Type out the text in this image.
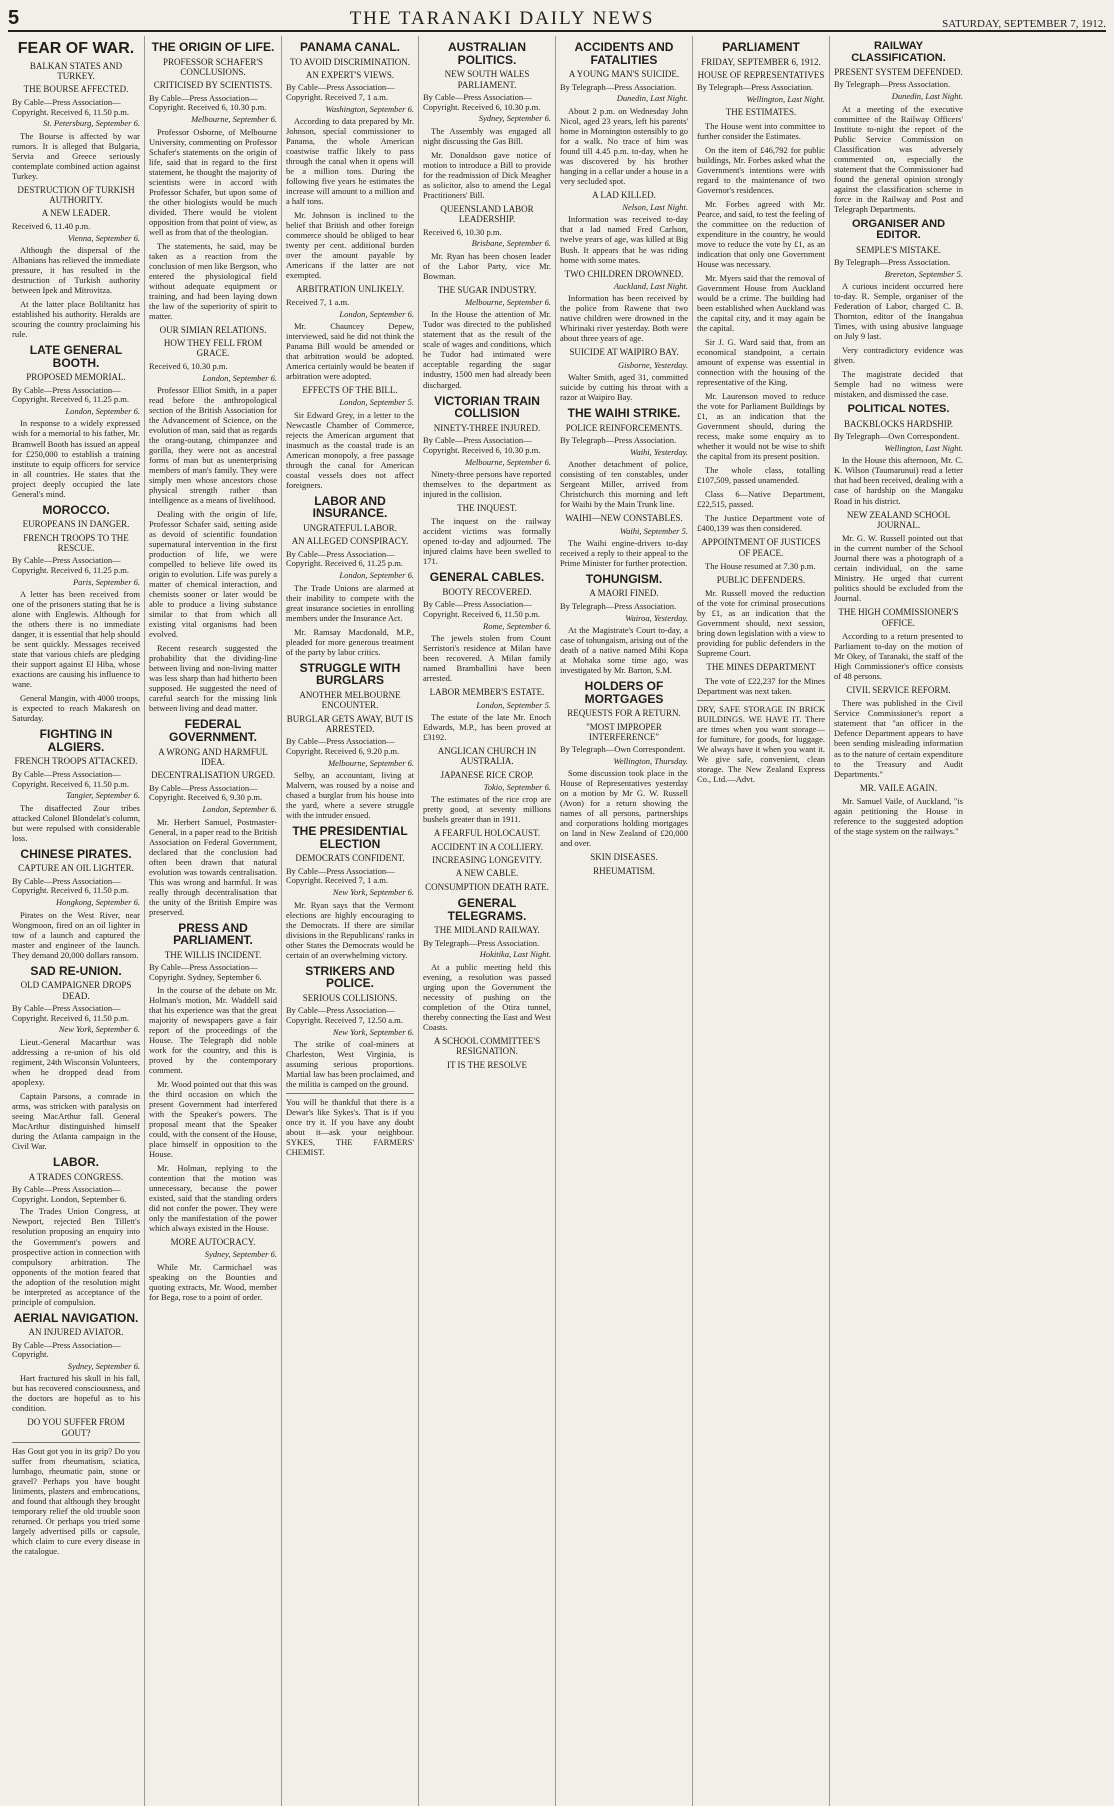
5	THE TARANAKI DAILY NEWS	SATURDAY, SEPTEMBER 7, 1912.
FEAR OF WAR.
BALKAN STATES AND TURKEY.
THE BOURSE AFFECTED.
By Cable—Press Association—Copyright. Received 6, 11.50 p.m.
St. Petersburg, September 6.

The Bourse is affected by war rumors. It is alleged that Bulgaria, Servia and Greece seriously contemplate combined action against Turkey.

DESTRUCTION OF TURKISH AUTHORITY.
A NEW LEADER.
Received 6, 11.40 p.m.
Vienna, September 6.

Although the dispersal of the Albanians has relieved the immediate pressure, it has resulted in the destruction of Turkish authority between Ipek and Mitrovitza.

At the latter place Boliltanitz has established his authority. Heralds are scouring the country proclaiming his rule.

LATE GENERAL BOOTH.
PROPOSED MEMORIAL.
By Cable—Press Association—Copyright. Received 6, 11.25 p.m.
London, September 6.

In response to a widely expressed wish for a memorial to his father, Mr. Bramwell Booth has issued an appeal for £250,000 to establish a training institute to equip officers for service in all countries. He states that the project deeply occupied the late General's mind.

MOROCCO.
EUROPEANS IN DANGER.
FRENCH TROOPS TO THE RESCUE.
By Cable—Press Association—Copyright. Received 6, 11.25 p.m.
Paris, September 6.

A letter has been received from one of the prisoners stating that he is alone with Englewis. Although for the others there is no immediate danger, it is essential that help should be sent quickly. Messages received state that various chiefs are pledging their support against El Hiba, whose exactions are causing his influence to wane.

General Mangin, with 4000 troops, is expected to reach Makaresh on Saturday.

FIGHTING IN ALGIERS.
FRENCH TROOPS ATTACKED.
By Cable—Press Association—Copyright. Received 6, 11.50 p.m.
Tangier, September 6.

The disaffected Zour tribes attacked Colonel Blondelat's column, but were repulsed with considerable loss.

CHINESE PIRATES.
CAPTURE AN OIL LIGHTER.
By Cable—Press Association—Copyright. Received 6, 11.50 p.m.
Hongkong, September 6.

Pirates on the West River, near Wongmoon, fired on an oil lighter in tow of a launch and captured the master and engineer of the launch. They demand 20,000 dollars ransom.

SAD RE-UNION.
OLD CAMPAIGNER DROPS DEAD.
By Cable—Press Association—Copyright. Received 6, 11.50 p.m.
New York, September 6.

Lieut.-General Macarthur was addressing a re-union of his old regiment, 24th Wisconsin Volunteers, when he dropped dead from apoplexy.

Captain Parsons, a comrade in arms, was stricken with paralysis on seeing MacArthur fall. General MacArthur distinguished himself during the Atlanta campaign in the Civil War.

LABOR.
A TRADES CONGRESS.
By Cable—Press Association—Copyright. London, September 6.

The Trades Union Congress, at Newport, rejected Ben Tillett's resolution proposing an enquiry into the Government's powers and prospective action in connection with compulsory arbitration. The opponents of the motion feared that the adoption of the resolution might be interpreted as acceptance of the principle of compulsion.

AERIAL NAVIGATION.
AN INJURED AVIATOR.
By Cable—Press Association—Copyright.
Sydney, September 6.

Hart fractured his skull in his fall, but has recovered consciousness, and the doctors are hopeful as to his condition.

DO YOU SUFFER FROM GOUT?
Has Gout got you in its grip? Do you suffer from rheumatism, sciatica, lumbago, rheumatic pain, stone or gravel? Perhaps you have bought liniments, plasters and embrocations, and found that although they brought temporary relief the old trouble soon returned. Or perhaps you tried some largely advertised pills or capsule, which claim to cure every disease in the catalogue.
THE ORIGIN OF LIFE.
PROFESSOR SCHAFER'S CONCLUSIONS.
CRITICISED BY SCIENTISTS.
By Cable—Press Association—Copyright. Received 6, 10.30 p.m.
Melbourne, September 6.

Professor Osborne, of Melbourne University, commenting on Professor Schafer's statements on the origin of life, said that in regard to the first statement, he thought the majority of scientists were in accord with Professor Schafer, but upon some of the other biologists would be much divided. There would be violent opposition from that point of view, as well as from that of the theologian.

The statements, he said, may be taken as a reaction from the conclusion of men like Bergson, who entered the physiological field without adequate equipment or training, and had been laying down the law of the superiority of spirit to matter.

OUR SIMIAN RELATIONS.
HOW THEY FELL FROM GRACE.
Received 6, 10.30 p.m.
London, September 6.

Professor Elliot Smith, in a paper read before the anthropological section of the British Association for the Advancement of Science, on the evolution of man, said that as regards the orang-outang, chimpanzee and gorilla, they were not as ancestral forms of man but as unenterprising members of man's family. They were simply men whose ancestors chose physical strength rather than intelligence as a means of livelihood.

Dealing with the origin of life, Professor Schafer said, setting aside as devoid of scientific foundation supernatural intervention in the first production of life, we were compelled to believe life owed its origin to evolution. Life was purely a matter of chemical interaction, and chemists sooner or later would be able to produce a living substance similar to that from which all existing vital organisms had been evolved.

Recent research suggested the probability that the dividing-line between living and non-living matter was less sharp than had hitherto been supposed. He suggested the need of careful search for the missing link between living and dead matter.

FEDERAL GOVERNMENT.
A WRONG AND HARMFUL IDEA.
DECENTRALISATION URGED.
By Cable—Press Association—Copyright. Received 6, 9.30 p.m.
London, September 6.

Mr. Herbert Samuel, Postmaster-General, in a paper read to the British Association on Federal Government, declared that the conclusion had often been drawn that natural evolution was towards centralisation. This was wrong and harmful. It was really through decentralisation that the unity of the British Empire was preserved.

PRESS AND PARLIAMENT.
THE WILLIS INCIDENT.
By Cable—Press Association—Copyright. Sydney, September 6.

In the course of the debate on Mr. Holman's motion, Mr. Waddell said that his experience was that the great majority of newspapers gave a fair report of the proceedings of the House. The Telegraph did noble work for the country, and this is proved by the contemporary comment.

Mr. Wood pointed out that this was the third occasion on which the present Government had interfered with the Speaker's powers. The proposal meant that the Speaker could, with the consent of the House, place himself in opposition to the House.

Mr. Holman, replying to the contention that the motion was unnecessary, because the power existed, said that the standing orders did not confer the power. They were only the manifestation of the power which always existed in the House.

MORE AUTOCRACY.
Sydney, September 6.

While Mr. Carmichael was speaking on the Bounties and quoting extracts, Mr. Wood, member for Bega, rose to a point of order.

PANAMA CANAL.
TO AVOID DISCRIMINATION.
AN EXPERT'S VIEWS.
By Cable—Press Association—Copyright. Received 7, 1 a.m.
Washington, September 6.

According to data prepared by Mr. Johnson, special commissioner to Panama, the whole American coastwise traffic likely to pass through the canal when it opens will be a million tons. During the following five years he estimates the increase will amount to a million and a half tons.

Mr. Johnson is inclined to the belief that British and other foreign commerce should be obliged to bear twenty per cent. additional burden over the amount payable by Americans if the latter are not exempted.

ARBITRATION UNLIKELY.
Received 7, 1 a.m.
London, September 6.

Mr. Chauncey Depew, interviewed, said he did not think the Panama Bill would be amended or that arbitration would be adopted. America certainly would be beaten if arbitration were adopted.

EFFECTS OF THE BILL.
London, September 5.

Sir Edward Grey, in a letter to the Newcastle Chamber of Commerce, rejects the American argument that inasmuch as the coastal trade is an American monopoly, a free passage through the canal for American coastal vessels does not affect foreigners.

LABOR AND INSURANCE.
UNGRATEFUL LABOR.
AN ALLEGED CONSPIRACY.
By Cable—Press Association—Copyright. Received 6, 11.25 p.m.
London, September 6.

The Trade Unions are alarmed at their inability to compete with the great insurance societies in enrolling members under the Insurance Act.

Mr. Ramsay Macdonald, M.P., pleaded for more generous treatment of the party by labor critics.

STRUGGLE WITH BURGLARS
ANOTHER MELBOURNE ENCOUNTER.
BURGLAR GETS AWAY, BUT IS ARRESTED.
By Cable—Press Association—Copyright. Received 6, 9.20 p.m.
Melbourne, September 6.

Selby, an accountant, living at Malvern, was roused by a noise and chased a burglar from his house into the yard, where a severe struggle with the intruder ensued.

THE PRESIDENTIAL ELECTION
DEMOCRATS CONFIDENT.
By Cable—Press Association—Copyright. Received 7, 1 a.m.
New York, September 6.

Mr. Ryan says that the Vermont elections are highly encouraging to the Democrats. If there are similar divisions in the Republicans' ranks in other States the Democrats would be certain of an overwhelming victory.

STRIKERS AND POLICE.
SERIOUS COLLISIONS.
By Cable—Press Association—Copyright. Received 7, 12.50 a.m.
New York, September 6.

The strike of coal-miners at Charleston, West Virginia, is assuming serious proportions. Martial law has been proclaimed, and the militia is camped on the ground.

You will be thankful that there is a Dewar's like Sykes's. That is if you once try it. If you have any doubt about it—ask your neighbour. SYKES, THE FARMERS' CHEMIST.
AUSTRALIAN POLITICS.
NEW SOUTH WALES PARLIAMENT.
By Cable—Press Association—Copyright. Received 6, 10.30 p.m.
Sydney, September 6.

The Assembly was engaged all night discussing the Gas Bill.

Mr. Donaldson gave notice of motion to introduce a Bill to provide for the readmission of Dick Meagher as solicitor, also to amend the Legal Practitioners' Bill.

QUEENSLAND LABOR LEADERSHIP.
Received 6, 10.30 p.m.
Brisbane, September 6.

Mr. Ryan has been chosen leader of the Labor Party, vice Mr. Bowman.

THE SUGAR INDUSTRY.
Melbourne, September 6.

In the House the attention of Mr. Tudor was directed to the published statement that as the result of the scale of wages and conditions, which he Tudor had intimated were acceptable regarding the sugar industry, 1500 men had already been discharged.

VICTORIAN TRAIN COLLISION
NINETY-THREE INJURED.
By Cable—Press Association—Copyright. Received 6, 10.30 p.m.
Melbourne, September 6.

Ninety-three persons have reported themselves to the department as injured in the collision.

THE INQUEST.

The inquest on the railway accident victims was formally opened to-day and adjourned. The injured claims have been swelled to 171.

GENERAL CABLES.
BOOTY RECOVERED.
By Cable—Press Association—Copyright. Received 6, 11.50 p.m.
Rome, September 6.

The jewels stolen from Count Serristori's residence at Milan have been recovered. A Milan family named Bramballini have been arrested.

LABOR MEMBER'S ESTATE.
London, September 5.

The estate of the late Mr. Enoch Edwards, M.P., has been proved at £3192.

ANGLICAN CHURCH IN AUSTRALIA.
JAPANESE RICE CROP.
Tokio, September 6.

The estimates of the rice crop are pretty good, at seventy millions bushels greater than in 1911.

A FEARFUL HOLOCAUST.
ACCIDENT IN A COLLIERY.
INCREASING LONGEVITY.
A NEW CABLE.
CONSUMPTION DEATH RATE.
GENERAL TELEGRAMS.
THE MIDLAND RAILWAY.
By Telegraph—Press Association.
Hokitika, Last Night.

At a public meeting held this evening, a resolution was passed urging upon the Government the necessity of pushing on the completion of the Otira tunnel, thereby connecting the East and West Coasts.

A SCHOOL COMMITTEE'S RESIGNATION.
IT IS THE RESOLVE
ACCIDENTS AND FATALITIES
A YOUNG MAN'S SUICIDE.
By Telegraph—Press Association.
Dunedin, Last Night.

About 2 p.m. on Wednesday John Nicol, aged 23 years, left his parents' home in Mornington ostensibly to go for a walk. No trace of him was found till 4.45 p.m. to-day, when he was discovered by his brother hanging in a cellar under a house in a very secluded spot.

A LAD KILLED.
Nelson, Last Night.

Information was received to-day that a lad named Fred Carlson, twelve years of age, was killed at Big Bush. It appears that he was riding home with some mates.

TWO CHILDREN DROWNED.
Auckland, Last Night.

Information has been received by the police from Rawene that two native children were drowned in the Whirinaki river yesterday. Both were about three years of age.

SUICIDE AT WAIPIRO BAY.
Gisborne, Yesterday.

Walter Smith, aged 31, committed suicide by cutting his throat with a razor at Waipiro Bay.

THE WAIHI STRIKE.
POLICE REINFORCEMENTS.
By Telegraph—Press Association.
Waihi, Yesterday.

Another detachment of police, consisting of ten constables, under Sergeant Miller, arrived from Christchurch this morning and left for Waihi by the Main Trunk line.

WAIHI—NEW CONSTABLES.
Waihi, September 5.

The Waihi engine-drivers to-day received a reply to their appeal to the Prime Minister for further protection.

TOHUNGISM.
A MAORI FINED.
By Telegraph—Press Association.
Wairoa, Yesterday.

At the Magistrate's Court to-day, a case of tohungaism, arising out of the death of a native named Mihi Kopa at Mohaka some time ago, was investigated by Mr. Barton, S.M.

HOLDERS OF MORTGAGES
REQUESTS FOR A RETURN.
"MOST IMPROPER INTERFERENCE"
By Telegraph—Own Correspondent.
Wellington, Thursday.

Some discussion took place in the House of Representatives yesterday on a motion by Mr G. W. Russell (Avon) for a return showing the names of all persons, partnerships and corporations holding mortgages on land in New Zealand of £20,000 and over.

SKIN DISEASES.
RHEUMATISM.
PARLIAMENT
FRIDAY, SEPTEMBER 6, 1912.
HOUSE OF REPRESENTATIVES
By Telegraph—Press Association.
Wellington, Last Night.
THE ESTIMATES.

The House went into committee to further consider the Estimates.

On the item of £46,792 for public buildings, Mr. Forbes asked what the Government's intentions were with regard to the maintenance of two Governor's residences.

Mr. Forbes agreed with Mr. Pearce, and said, to test the feeling of the committee on the reduction of expenditure in the country, he would move to reduce the vote by £1, as an indication that only one Government House was necessary.

Mr. Myers said that the removal of Government House from Auckland would be a crime. The building had been established when Auckland was the capital city, and it may again be the capital.

Sir J. G. Ward said that, from an economical standpoint, a certain amount of expense was essential in connection with the housing of the representative of the King.

Mr. Laurenson moved to reduce the vote for Parliament Buildings by £1, as an indication that the Government should, during the recess, make some enquiry as to whether it would not be wise to shift the capital from its present position.

The whole class, totalling £107,509, passed unamended.

Class 6—Native Department, £22,515, passed.

The Justice Department vote of £400,139 was then considered.

APPOINTMENT OF JUSTICES OF PEACE.

The House resumed at 7.30 p.m.

PUBLIC DEFENDERS.

Mr. Russell moved the reduction of the vote for criminal prosecutions by £1, as an indication that the Government should, next session, bring down legislation with a view to providing for public defenders in the Supreme Court.

THE MINES DEPARTMENT

The vote of £22,237 for the Mines Department was next taken.

DRY, SAFE STORAGE IN BRICK BUILDINGS. WE HAVE IT. There are times when you want storage—for furniture, for goods, for luggage. We always have it when you want it. We give safe, convenient, clean storage. The New Zealand Express Co., Ltd.—Advt.
RAILWAY CLASSIFICATION.
PRESENT SYSTEM DEFENDED.
By Telegraph—Press Association.
Dunedin, Last Night.

At a meeting of the executive committee of the Railway Officers' Institute to-night the report of the Public Service Commission on Classification was adversely commented on, especially the statement that the Commissioner had found the general opinion strongly against the classification scheme in force in the Railway and Post and Telegraph Departments.

ORGANISER AND EDITOR.
SEMPLE'S MISTAKE.
By Telegraph—Press Association.
Brereton, September 5.

A curious incident occurred here to-day. R. Semple, organiser of the Federation of Labor, charged C. B. Thornton, editor of the Inangahua Times, with using abusive language on July 9 last.

Very contradictory evidence was given.

The magistrate decided that Semple had no witness were mistaken, and dismissed the case.

POLITICAL NOTES.
BACKBLOCKS HARDSHIP.
By Telegraph—Own Correspondent.
Wellington, Last Night.

In the House this afternoon, Mr. C. K. Wilson (Taumarunui) read a letter that had been received, dealing with a case of hardship on the Mangaku Road in his district.

NEW ZEALAND SCHOOL JOURNAL.

Mr. G. W. Russell pointed out that in the current number of the School Journal there was a photograph of a certain individual, on the same Ministry. He urged that current politics should be excluded from the Journal.

THE HIGH COMMISSIONER'S OFFICE.

According to a return presented to Parliament to-day on the motion of Mr Okey, of Taranaki, the staff of the High Commissioner's office consists of 48 persons.

CIVIL SERVICE REFORM.

There was published in the Civil Service Commissioner's report a statement that "an officer in the Defence Department appears to have been sending misleading information as to the nature of certain expenditure to the Treasury and Audit Departments."

MR. VAILE AGAIN.

Mr. Samuel Vaile, of Auckland, "is again petitioning the House in reference to the suggested adoption of the stage system on the railways."
